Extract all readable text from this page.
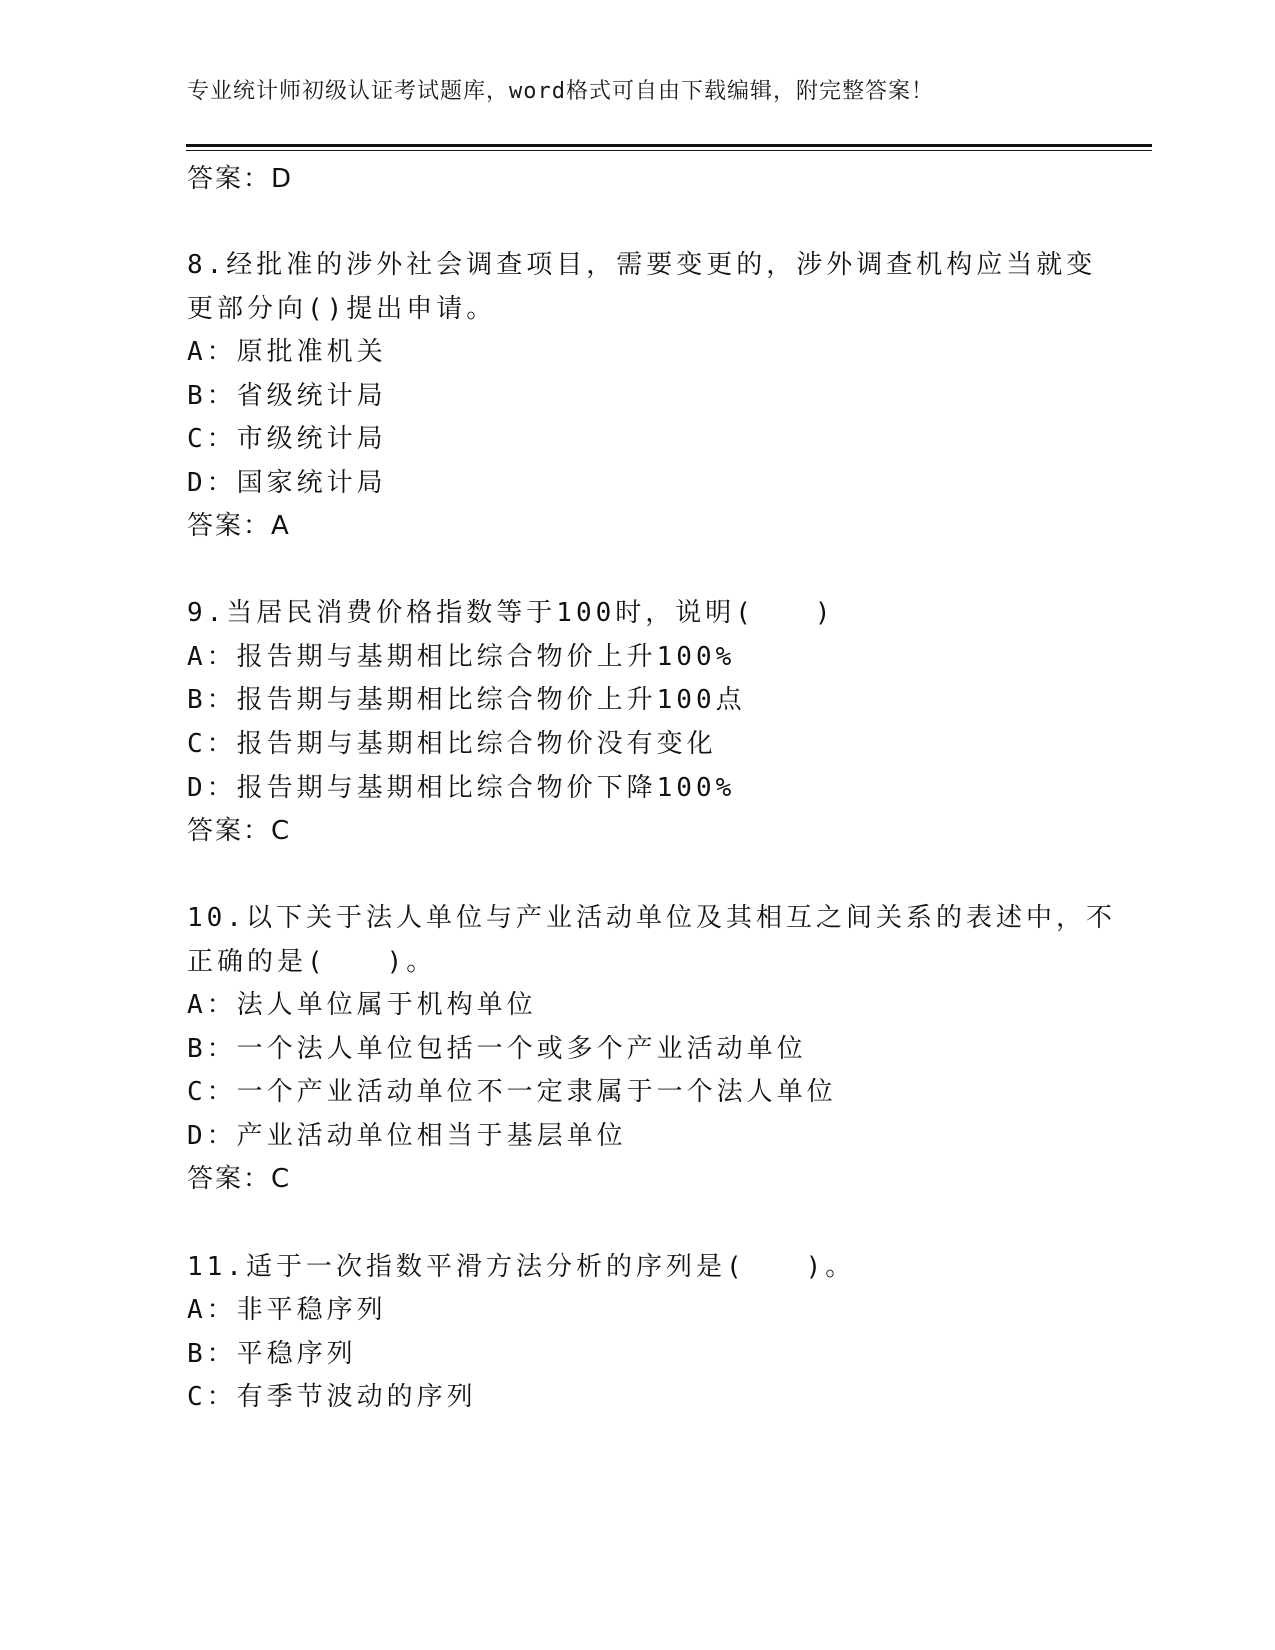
专业统计师初级认证考试题库，word格式可自由下载编辑，附完整答案！
答案：D
8.经批准的涉外社会调查项目，需要变更的，涉外调查机构应当就变
更部分向()提出申请。
A：原批准机关
B：省级统计局
C：市级统计局
D：国家统计局
答案：A
9.当居民消费价格指数等于100时，说明(　　)
A：报告期与基期相比综合物价上升100%
B：报告期与基期相比综合物价上升100点
C：报告期与基期相比综合物价没有变化
D：报告期与基期相比综合物价下降100%
答案：C
10.以下关于法人单位与产业活动单位及其相互之间关系的表述中，不
正确的是(　　)。
A：法人单位属于机构单位
B：一个法人单位包括一个或多个产业活动单位
C：一个产业活动单位不一定隶属于一个法人单位
D：产业活动单位相当于基层单位
答案：C
11.适于一次指数平滑方法分析的序列是(　　)。
A：非平稳序列
B：平稳序列
C：有季节波动的序列
